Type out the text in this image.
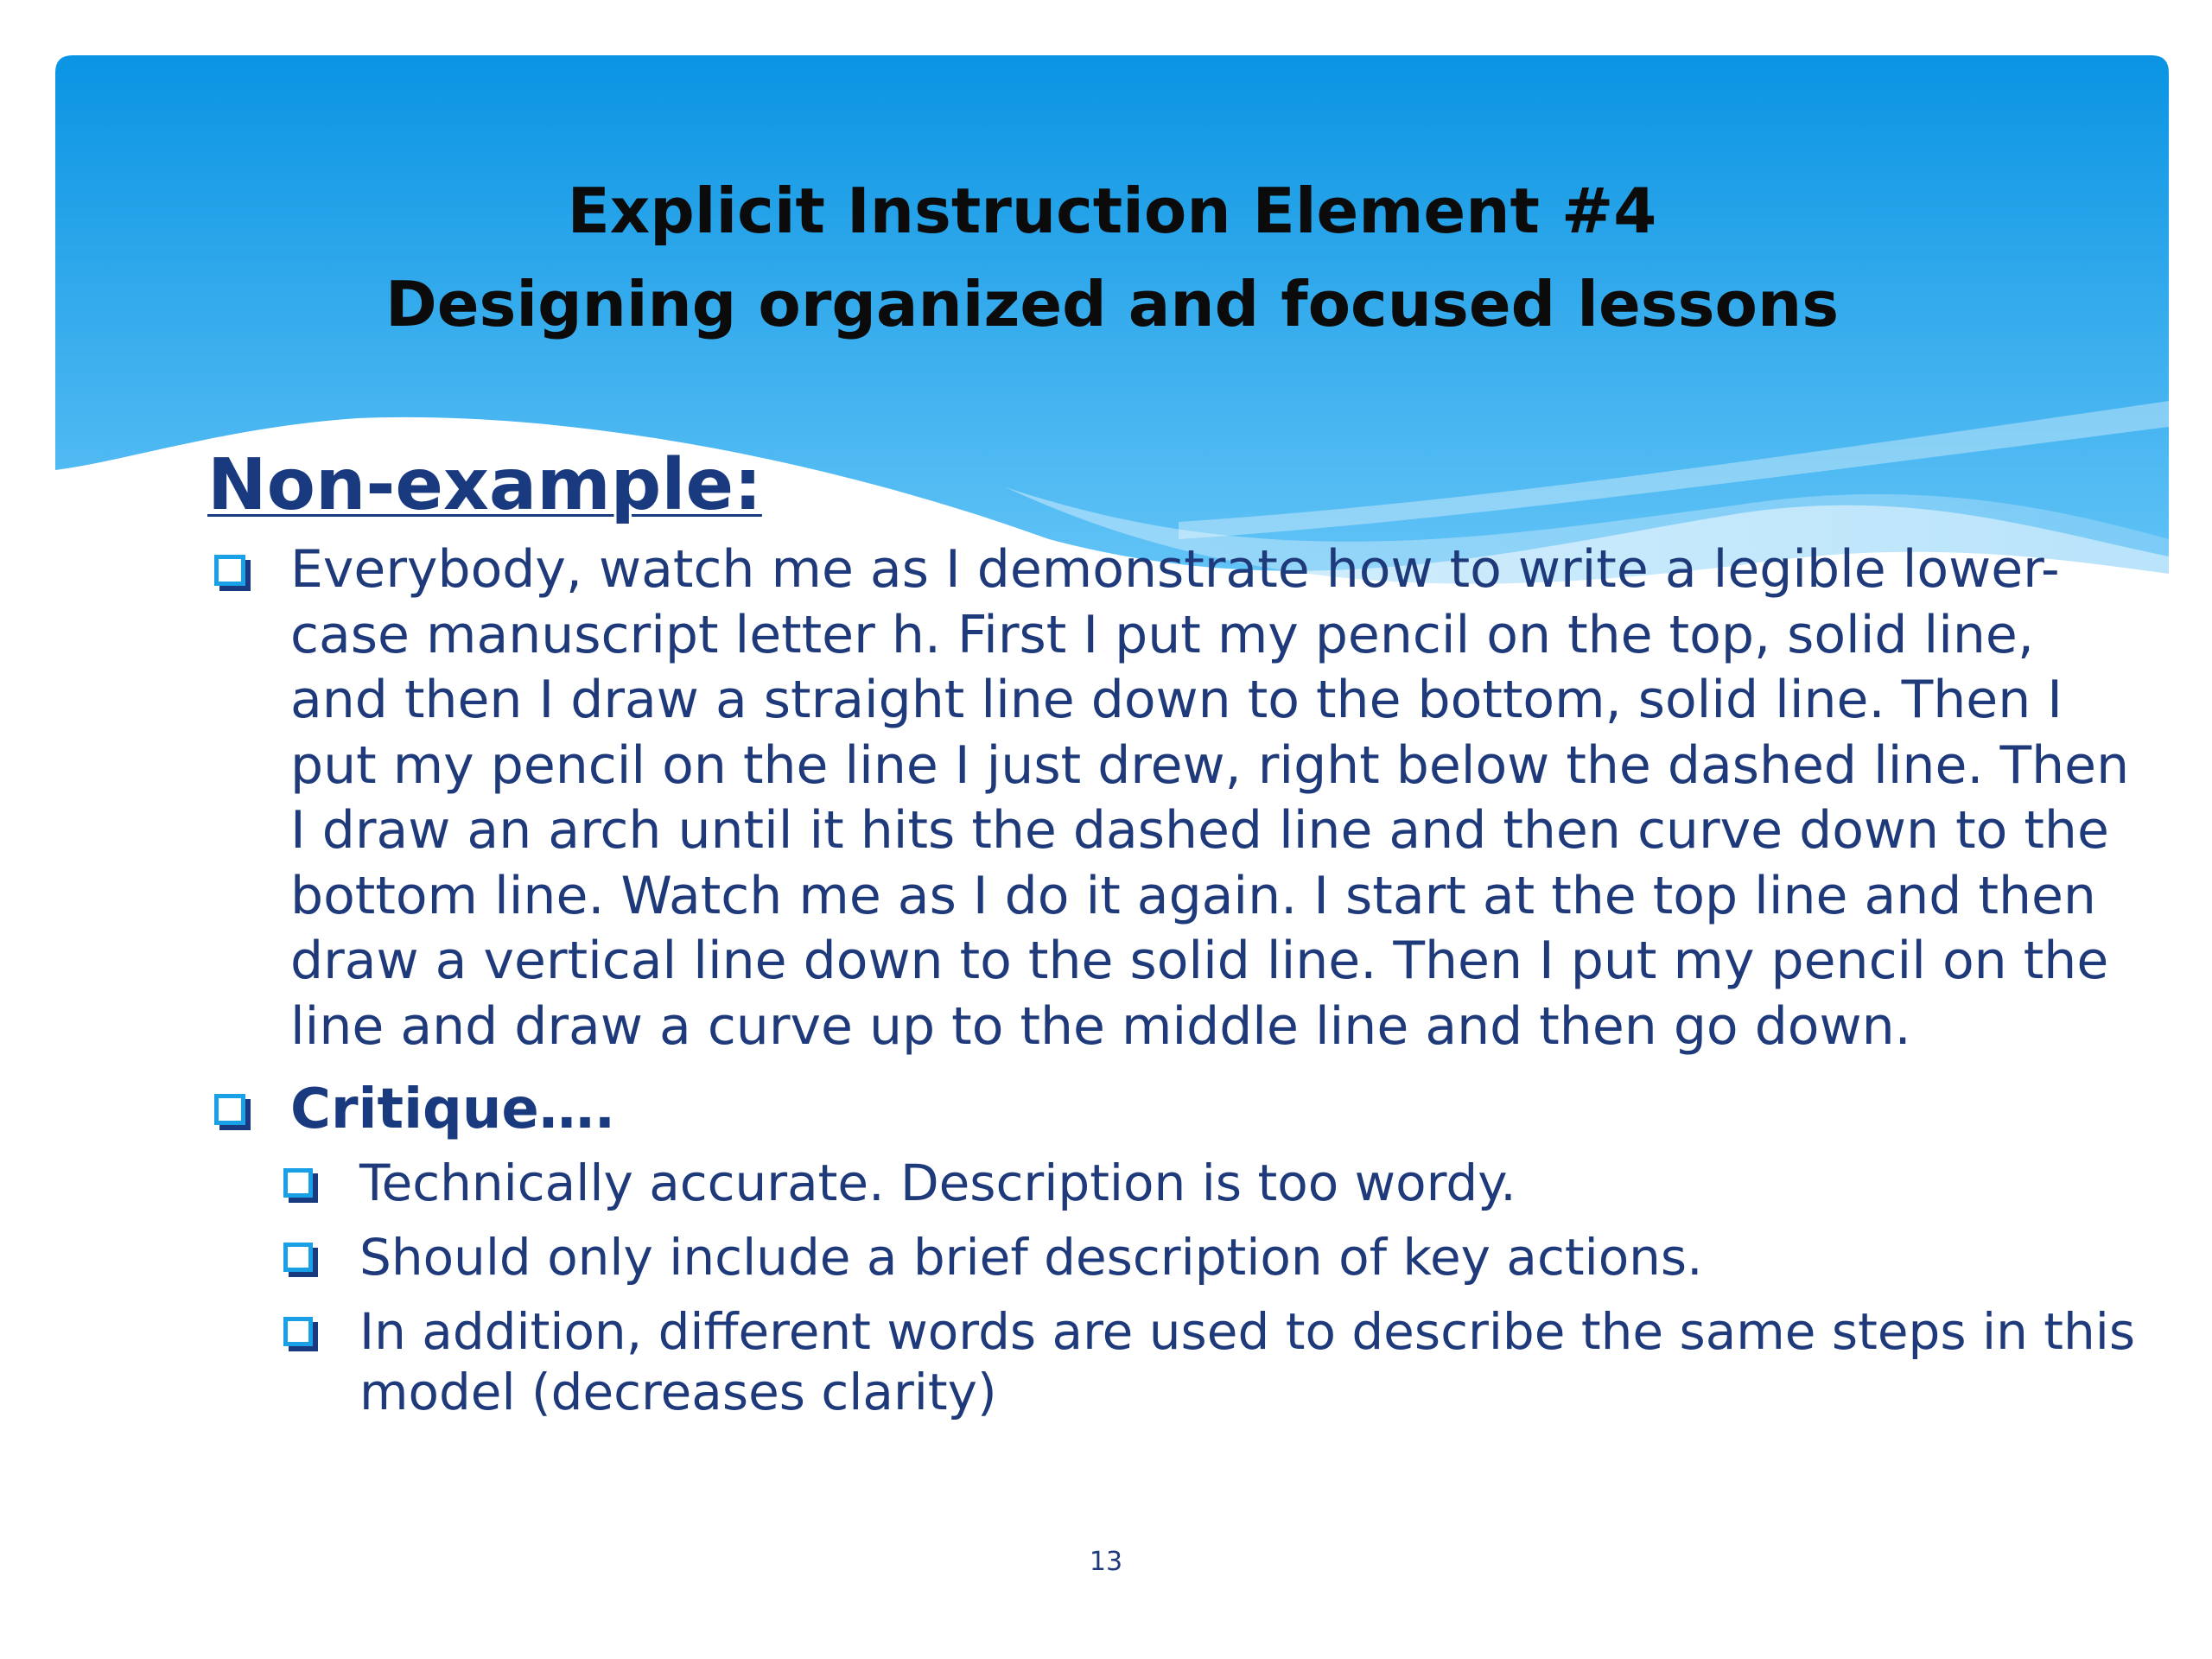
Explicit Instruction Element #4
Designing organized and focused lessons
Non-example:
Everybody, watch me as I demonstrate how to write a legible lower-case manuscript letter h. First I put my pencil on the top, solid line, and then I draw a straight line down to the bottom, solid line. Then I put my pencil on the line I just drew, right below the dashed line. Then I draw an arch until it hits the dashed line and then curve down to the bottom line. Watch me as I do it again. I start at the top line and then draw a vertical line down to the solid line. Then I put my pencil on the line and draw a curve up to the middle line and then go down.
Critique….
Technically accurate. Description is too wordy.
Should only include a brief description of key actions.
In addition, different words are used to describe the same steps in this model (decreases clarity)
13
